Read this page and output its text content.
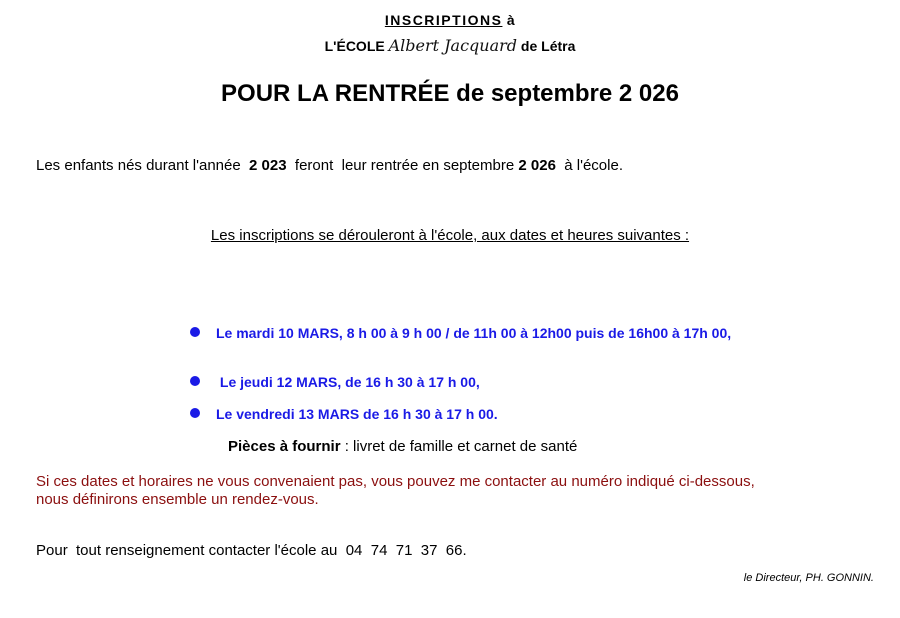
INSCRIPTIONS à
L'ÉCOLE Albert Jacquard de Létra
POUR LA RENTRÉE de septembre 2 026
Les enfants nés durant l'année  2 023  feront  leur rentrée en septembre 2 026  à l'école.
Les inscriptions se dérouleront à l'école, aux dates et heures suivantes :
Le mardi 10 MARS, 8 h 00 à 9 h 00 / de 11h 00 à 12h00 puis de 16h00 à 17h 00,
Le jeudi 12 MARS, de 16 h 30 à 17 h 00,
Le vendredi 13 MARS de 16 h 30 à 17 h 00.
Pièces à fournir : livret de famille et carnet de santé
Si ces dates et horaires ne vous convenaient pas, vous pouvez me contacter au numéro indiqué ci-dessous,
nous définirons ensemble un rendez-vous.
Pour  tout renseignement contacter l'école au  04  74  71  37  66.
le Directeur, PH. GONNIN.
